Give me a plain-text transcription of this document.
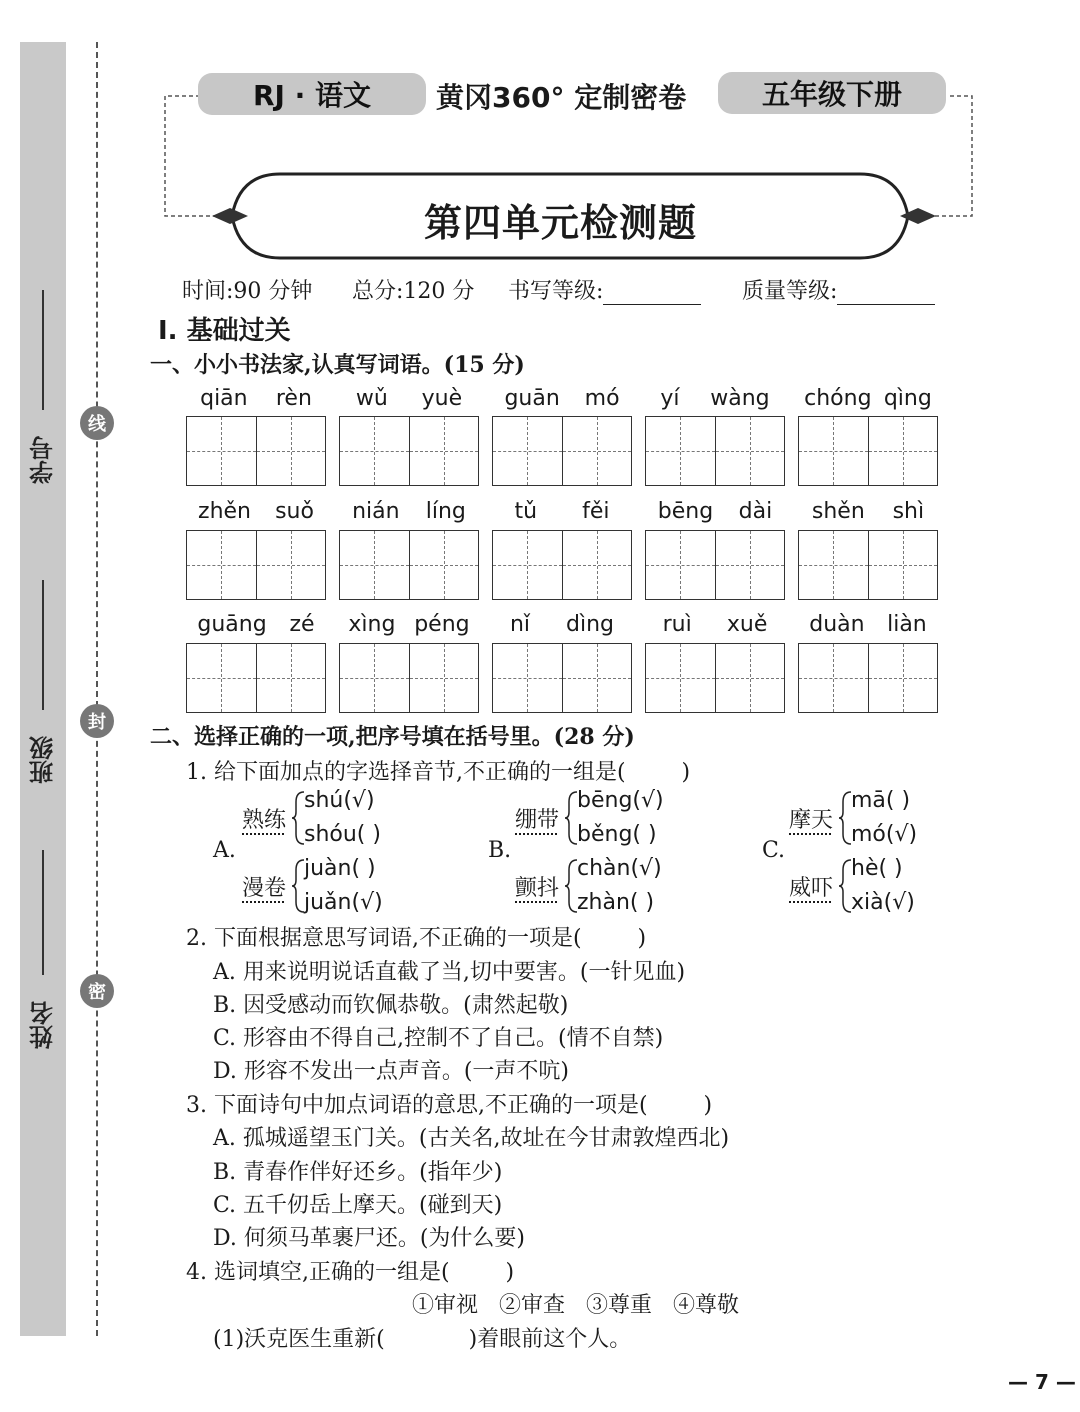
学号
班级
姓名
线
封
密
RJ · 语文	黄冈360° 定制密卷	五年级下册
第四单元检测题
时间:90 分钟 总分:120 分 书写等级:	质量等级:
Ⅰ. 基础过关
一、小小书法家,认真写词语。(15 分)
qiān rèn wǔ yuè guān mó yí wàng chóng qìng
zhěn suǒ nián líng tǔ fěi bēng dài shěn shì
guāng zé xìng péng nǐ dìng ruì xuě duàn liàn
二、选择正确的一项,把序号填在括号里。(28 分)
1. 给下面加点的字选择音节,不正确的一组是(        )
A.
熟练
shú(√)
shóu( )
漫卷
juàn( )
juǎn(√)
B.
绷带
bēng(√)
běng( )
颤抖
chàn(√)
zhàn( )
C.
摩天
mā( )
mó(√)
威吓
hè( )
xià(√)
2. 下面根据意思写词语,不正确的一项是(        )
A. 用来说明说话直截了当,切中要害。(一针见血)
B. 因受感动而钦佩恭敬。(肃然起敬)
C. 形容由不得自己,控制不了自己。(情不自禁)
D. 形容不发出一点声音。(一声不吭)
3. 下面诗句中加点词语的意思,不正确的一项是(        )
A. 孤城遥望玉门关。(古关名,故址在今甘肃敦煌西北)
B. 青春作伴好还乡。(指年少)
C. 五千仞岳上摩天。(碰到天)
D. 何须马革裹尸还。(为什么要)
4. 选词填空,正确的一组是(        )
①审视   ②审查   ③尊重   ④尊敬
(1)沃克医生重新(            )着眼前这个人。
— 7 —
